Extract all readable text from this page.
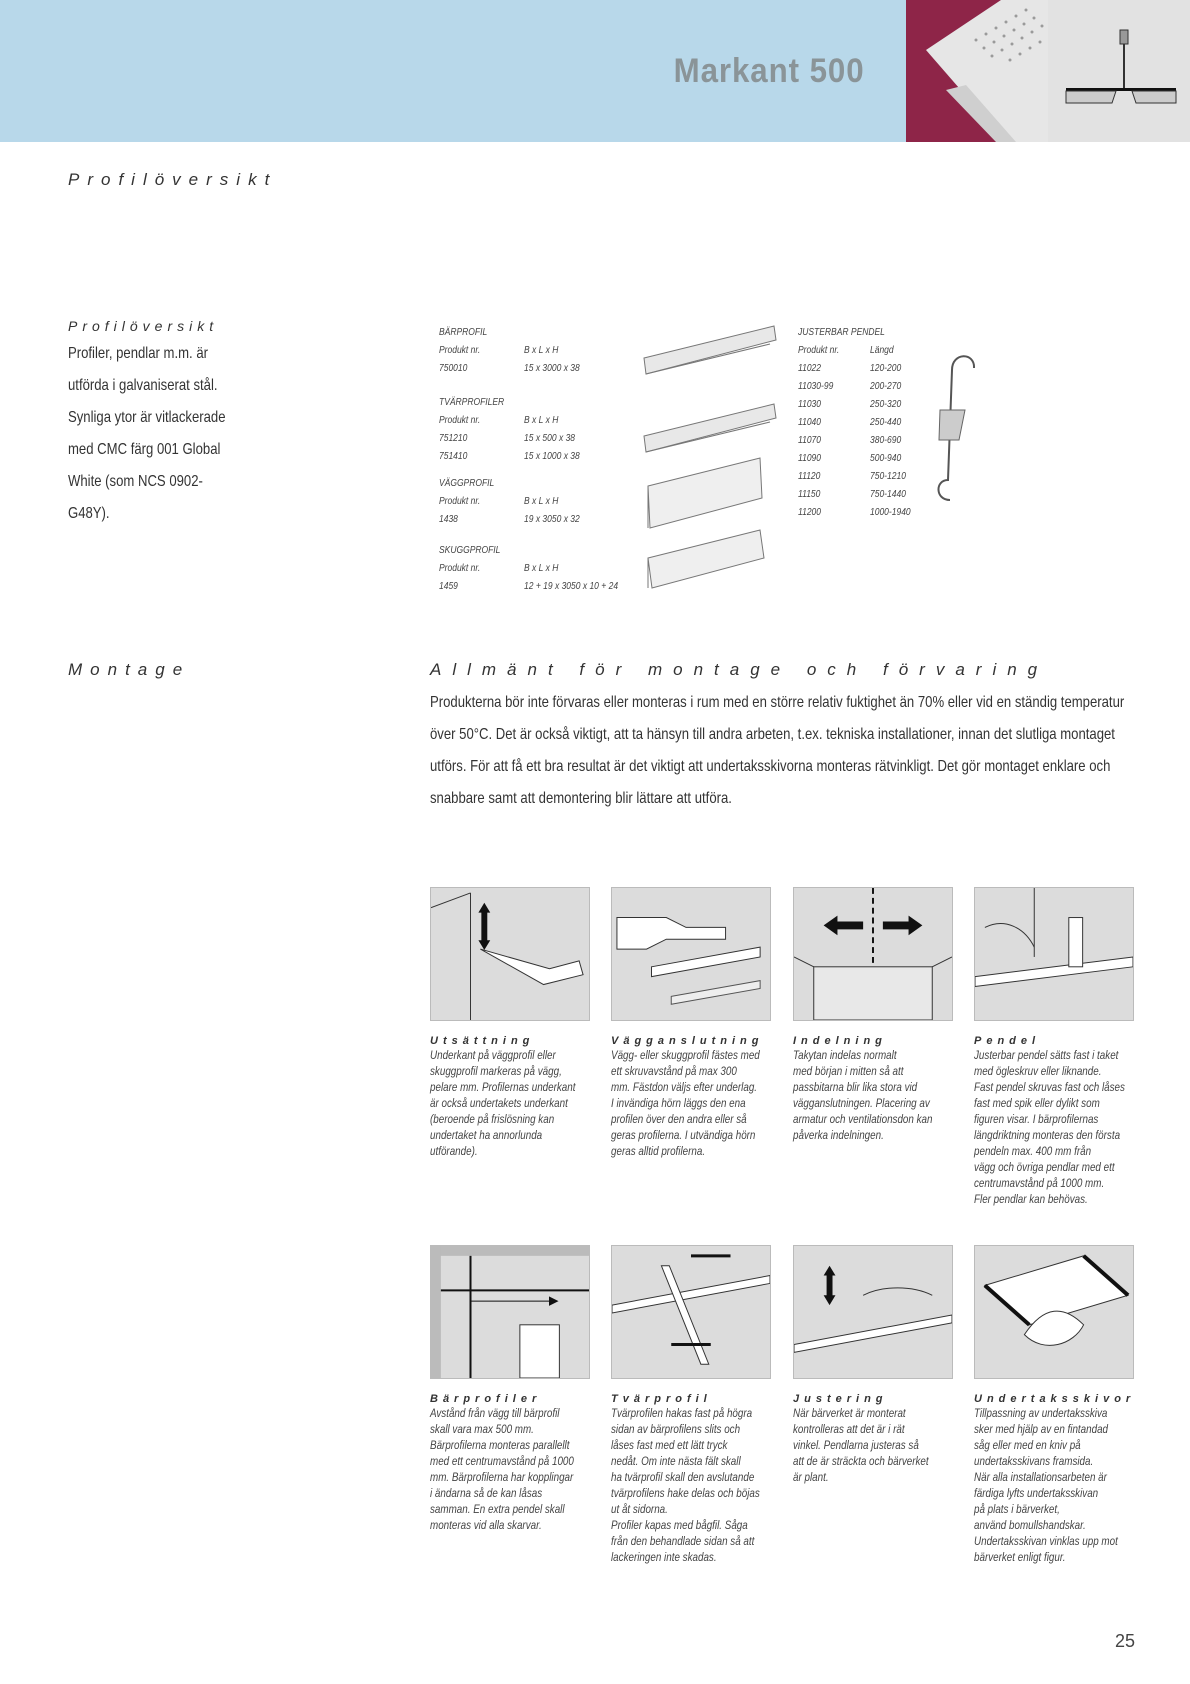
Markant 500
Profilöversikt
Profilöversikt
Profiler, pendlar m.m. är
utförda i galvaniserat stål.
Synliga ytor är vitlackerade
med CMC färg 001 Global
White (som NCS 0902-
G48Y).
BÄRPROFIL
Produkt nr.	B x L x H
750010	15 x 3000 x 38
TVÄRPROFILER
Produkt nr.	B x L x H
751210	15 x 500 x 38
751410	15 x 1000 x 38
VÄGGPROFIL
Produkt nr.	B x L x H
1438	19 x 3050 x 32
SKUGGPROFIL
Produkt nr.	B x L x H
1459	12 + 19 x 3050 x 10 + 24
JUSTERBAR PENDEL
Produkt nr.	Längd
11022	120-200
11030-99	200-270
11030	250-320
11040	250-440
11070	380-690
11090	500-940
11120	750-1210
11150	750-1440
11200	1000-1940
Montage	Allmänt för montage och förvaring
Produkterna bör inte förvaras eller monteras i rum med en större relativ fuktighet än 70% eller vid en ständig temperatur
över 50°C. Det är också viktigt, att ta hänsyn till andra arbeten, t.ex. tekniska installationer, innan det slutliga montaget
utförs. För att få ett bra resultat är det viktigt att undertaksskivorna monteras rätvinkligt. Det gör montaget enklare och
snabbare samt att demontering blir lättare att utföra.
Utsättning
Underkant på väggprofil eller
skuggprofil markeras på vägg,
pelare mm. Profilernas underkant
är också undertakets underkant
(beroende på frislösning kan
undertaket ha annorlunda
utförande).
Vägganslutning
Vägg- eller skuggprofil fästes med
ett skruvavstånd på max 300
mm. Fästdon väljs efter underlag.
I invändiga hörn läggs den ena
profilen över den andra eller så
geras profilerna. I utvändiga hörn
geras alltid profilerna.
Indelning
Takytan indelas normalt
med början i mitten så att
passbitarna blir lika stora vid
vägganslutningen. Placering av
armatur och ventilationsdon kan
påverka indelningen.
Pendel
Justerbar pendel sätts fast i taket
med ögleskruv eller liknande.
Fast pendel skruvas fast och låses
fast med spik eller dylikt som
figuren visar. I bärprofilernas
längdriktning monteras den första
pendeln max. 400 mm från
vägg och övriga pendlar med ett
centrumavstånd på 1000 mm.
Fler pendlar kan behövas.
Bärprofiler
Avstånd från vägg till bärprofil
skall vara max 500 mm.
Bärprofilerna monteras parallellt
med ett centrumavstånd på 1000
mm. Bärprofilerna har kopplingar
i ändarna så de kan låsas
samman. En extra pendel skall
monteras vid alla skarvar.
Tvärprofil
Tvärprofilen hakas fast på högra
sidan av bärprofilens slits och
låses fast med ett lätt tryck
nedåt. Om inte nästa fält skall
ha tvärprofil skall den avslutande
tvärprofilens hake delas och böjas
ut åt sidorna.
Profiler kapas med bågfil. Såga
från den behandlade sidan så att
lackeringen inte skadas.
Justering
När bärverket är monterat
kontrolleras att det är i rät
vinkel. Pendlarna justeras så
att de är sträckta och bärverket
är plant.
Undertaksskivor
Tillpassning av undertaksskiva
sker med hjälp av en fintandad
såg eller med en kniv på
undertaksskivans framsida.
När alla installationsarbeten är
färdiga lyfts undertaksskivan
på plats i bärverket,
använd bomullshandskar.
Undertaksskivan vinklas upp mot
bärverket enligt figur.
25
